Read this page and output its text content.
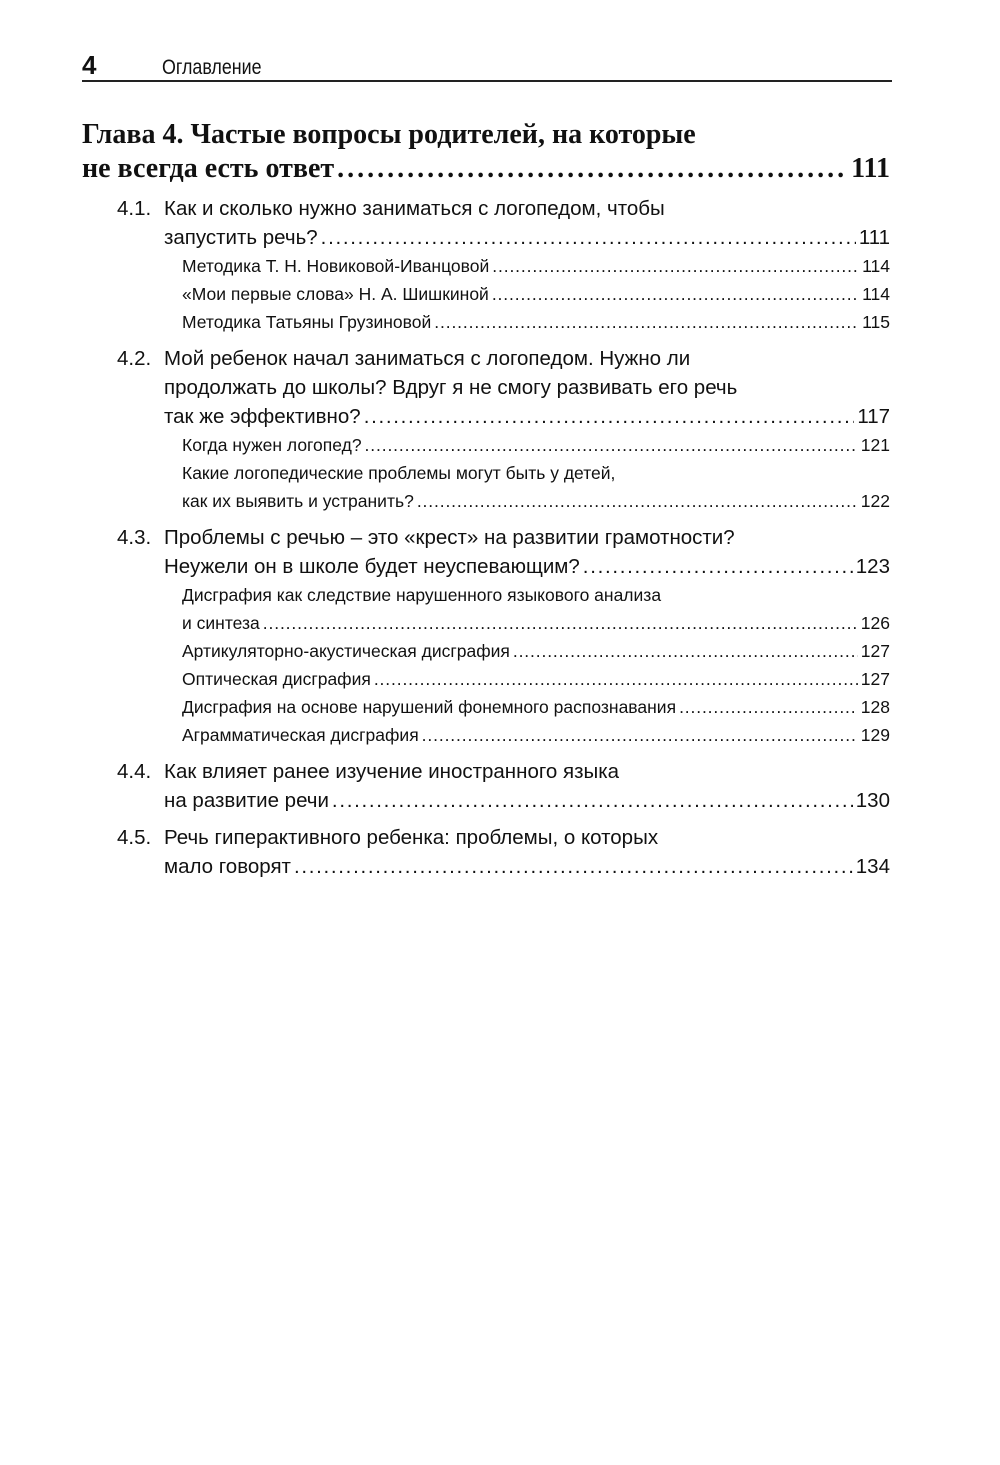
4	Оглавление
Глава 4. Частые вопросы родителей, на которые
не всегда есть ответ . . .	111
4.1. Как и сколько нужно заниматься с логопедом, чтобы
запустить речь? . . .	111
Методика Т. Н. Новиковой-Иванцовой . . .	114
«Мои первые слова» Н. А. Шишкиной . . .	114
Методика Татьяны Грузиновой . . .	115
4.2. Мой ребенок начал заниматься с логопедом. Нужно ли
продолжать до школы? Вдруг я не смогу развивать его речь
так же эффективно? . . .	117
Когда нужен логопед? . . .	121
Какие логопедические проблемы могут быть у детей,
как их выявить и устранить? . . .	122
4.3. Проблемы с речью – это «крест» на развитии грамотности?
Неужели он в школе будет неуспевающим? . . .	123
Дисграфия как следствие нарушенного языкового анализа
и синтеза . . .	126
Артикуляторно-акустическая дисграфия . . .	127
Оптическая дисграфия . . .	127
Дисграфия на основе нарушений фонемного распознавания . . .	128
Аграмматическая дисграфия . . .	129
4.4. Как влияет ранее изучение иностранного языка
на развитие речи . . .	130
4.5. Речь гиперактивного ребенка: проблемы, о которых
мало говорят . . .	134
